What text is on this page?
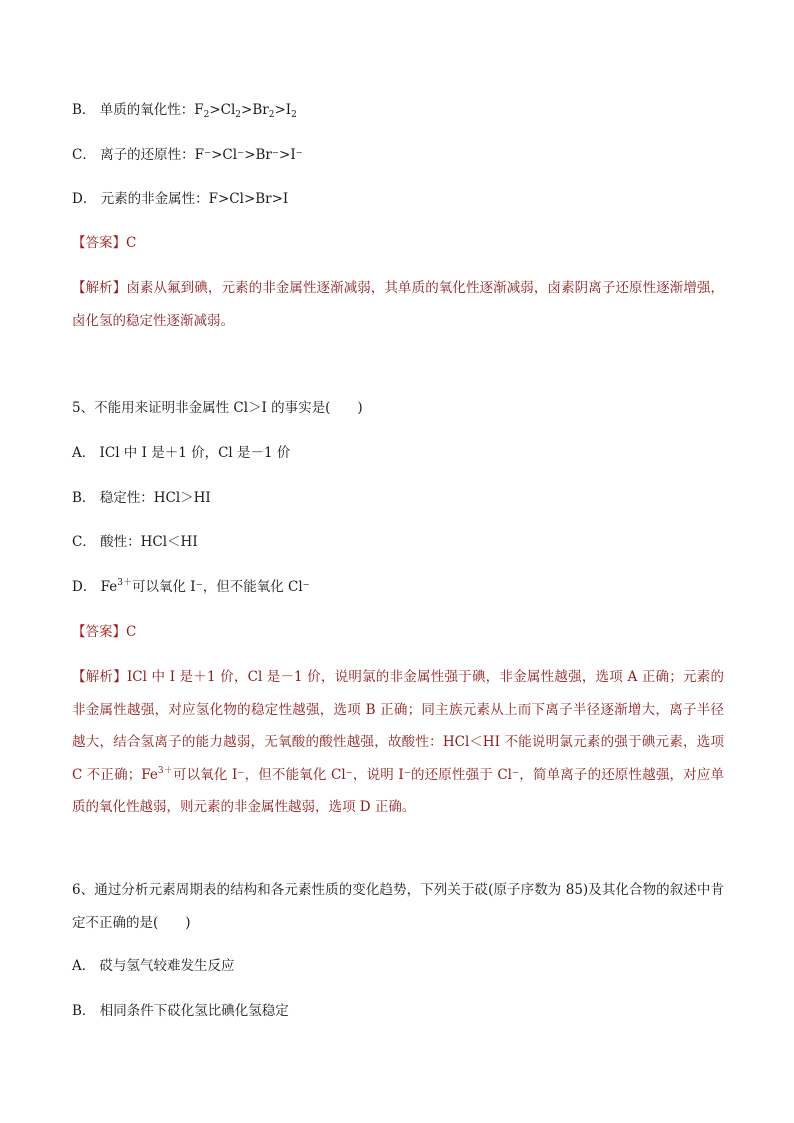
B． 单质的氧化性：$F_2>Cl_2>Br_2>I_2$

C． 离子的还原性：F⁻>Cl⁻>Br⁻>I⁻

D． 元素的非金属性：F>Cl>Br>I

【答案】C

【解析】卤素从氟到碘，元素的非金属性逐渐减弱，其单质的氧化性逐渐减弱，卤素阴离子还原性逐渐增强，卤化氢的稳定性逐渐减弱。

5、不能用来证明非金属性 Cl＞I 的事实是(　　)

A． ICl 中 I 是＋1 价，Cl 是－1 价

B． 稳定性：HCl＞HI

C． 酸性：HCl＜HI

D． $Fe^{3+}$可以氧化 I⁻，但不能氧化 Cl⁻

【答案】C

【解析】ICl 中 I 是＋1 价，Cl 是－1 价，说明氯的非金属性强于碘，非金属性越强，选项 A 正确；元素的非金属性越强，对应氢化物的稳定性越强，选项 B 正确；同主族元素从上而下离子半径逐渐增大，离子半径越大，结合氢离子的能力越弱，无氧酸的酸性越强，故酸性：HCl＜HI 不能说明氯元素的强于碘元素，选项 C 不正确；$Fe^{3+}$可以氧化 I⁻，但不能氧化 Cl⁻，说明 I⁻的还原性强于 Cl⁻，简单离子的还原性越强，对应单质的氧化性越弱，则元素的非金属性越弱，选项 D 正确。

6、通过分析元素周期表的结构和各元素性质的变化趋势，下列关于砹(原子序数为 85)及其化合物的叙述中肯定不正确的是(　　)

A． 砹与氢气较难发生反应

B． 相同条件下砹化氢比碘化氢稳定
